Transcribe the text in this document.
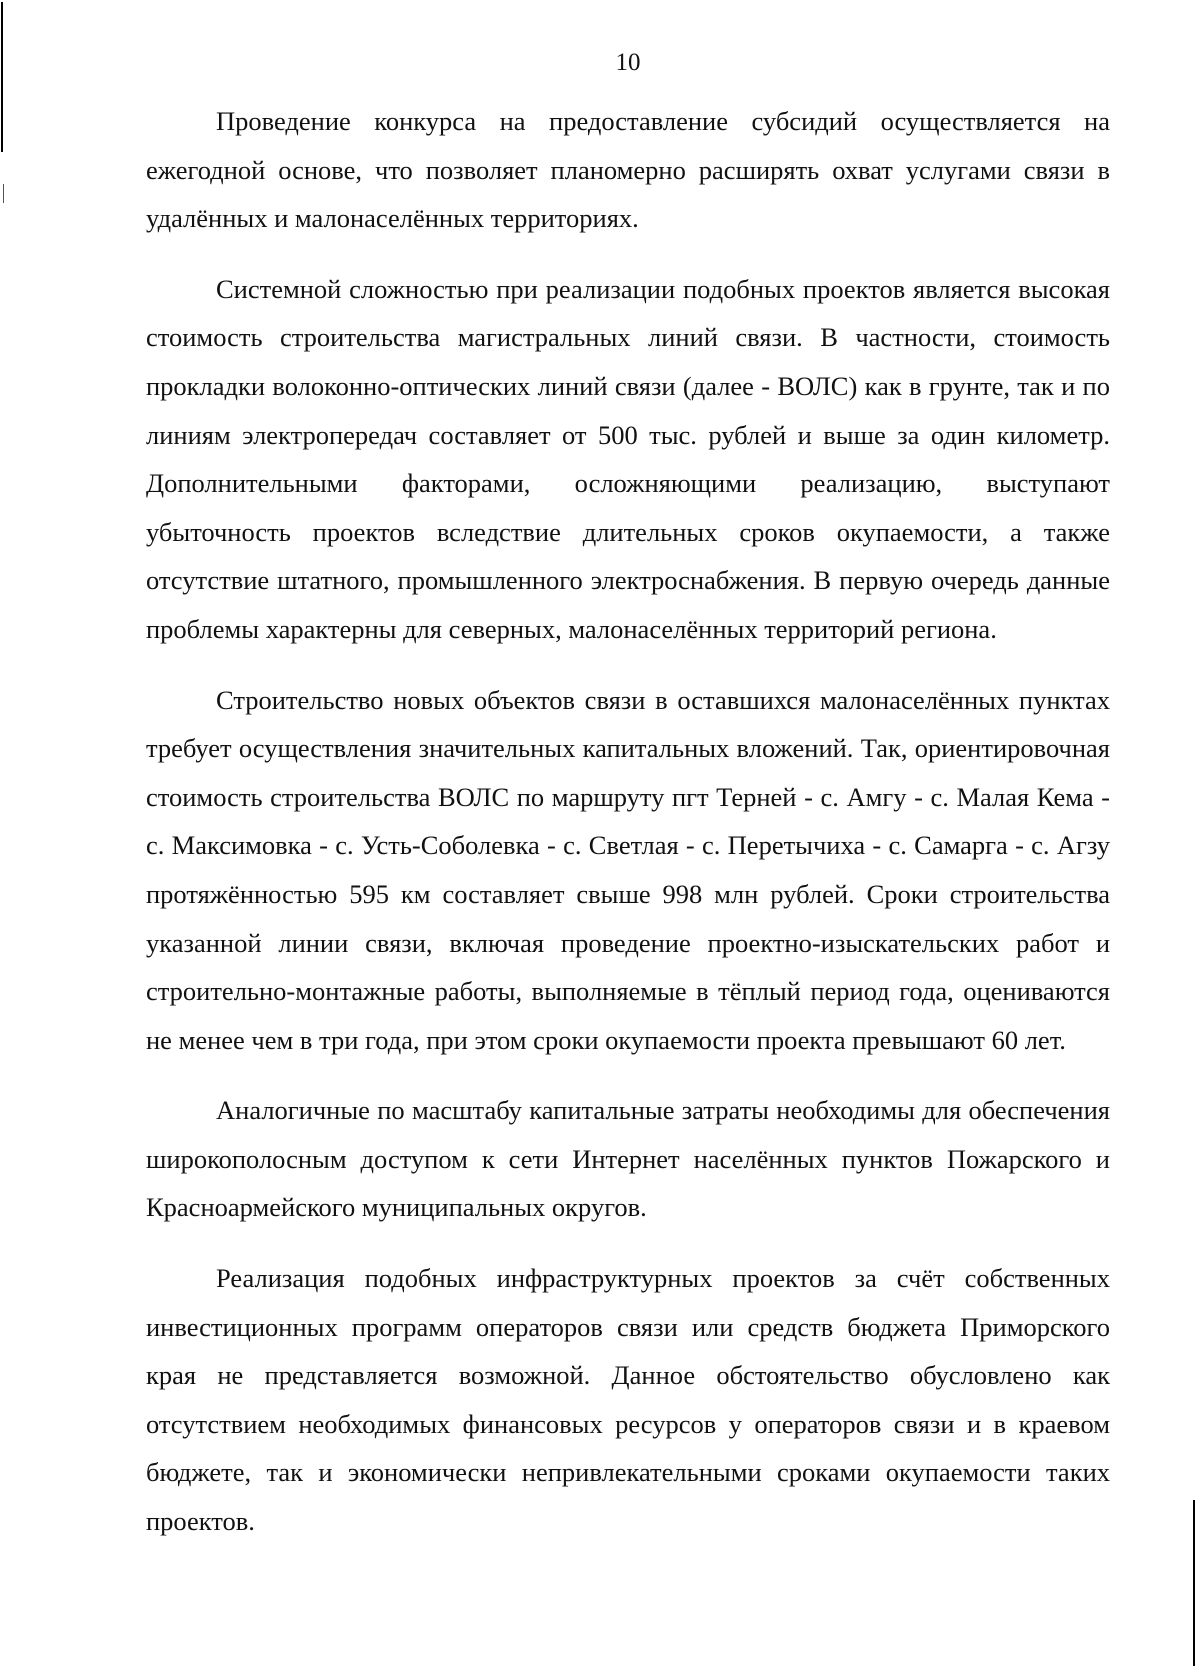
10

Проведение конкурса на предоставление субсидий осуществляется на ежегодной основе, что позволяет планомерно расширять охват услугами связи в удалённых и малонаселённых территориях.

Системной сложностью при реализации подобных проектов является высокая стоимость строительства магистральных линий связи. В частности, стоимость прокладки волоконно-оптических линий связи (далее - ВОЛС) как в грунте, так и по линиям электропередач составляет от 500 тыс. рублей и выше за один километр. Дополнительными факторами, осложняющими реализацию, выступают убыточность проектов вследствие длительных сроков окупаемости, а также отсутствие штатного, промышленного электроснабжения. В первую очередь данные проблемы характерны для северных, малонаселённых территорий региона.

Строительство новых объектов связи в оставшихся малонаселённых пунктах требует осуществления значительных капитальных вложений. Так, ориентировочная стоимость строительства ВОЛС по маршруту пгт Терней - с. Амгу - с. Малая Кема - с. Максимовка - с. Усть-Соболевка - с. Светлая - с. Перетычиха - с. Самарга - с. Агзу протяжённостью 595 км составляет свыше 998 млн рублей. Сроки строительства указанной линии связи, включая проведение проектно-изыскательских работ и строительно-монтажные работы, выполняемые в тёплый период года, оцениваются не менее чем в три года, при этом сроки окупаемости проекта превышают 60 лет.

Аналогичные по масштабу капитальные затраты необходимы для обеспечения широкополосным доступом к сети Интернет населённых пунктов Пожарского и Красноармейского муниципальных округов.

Реализация подобных инфраструктурных проектов за счёт собственных инвестиционных программ операторов связи или средств бюджета Приморского края не представляется возможной. Данное обстоятельство обусловлено как отсутствием необходимых финансовых ресурсов у операторов связи и в краевом бюджете, так и экономически непривлекательными сроками окупаемости таких проектов.
